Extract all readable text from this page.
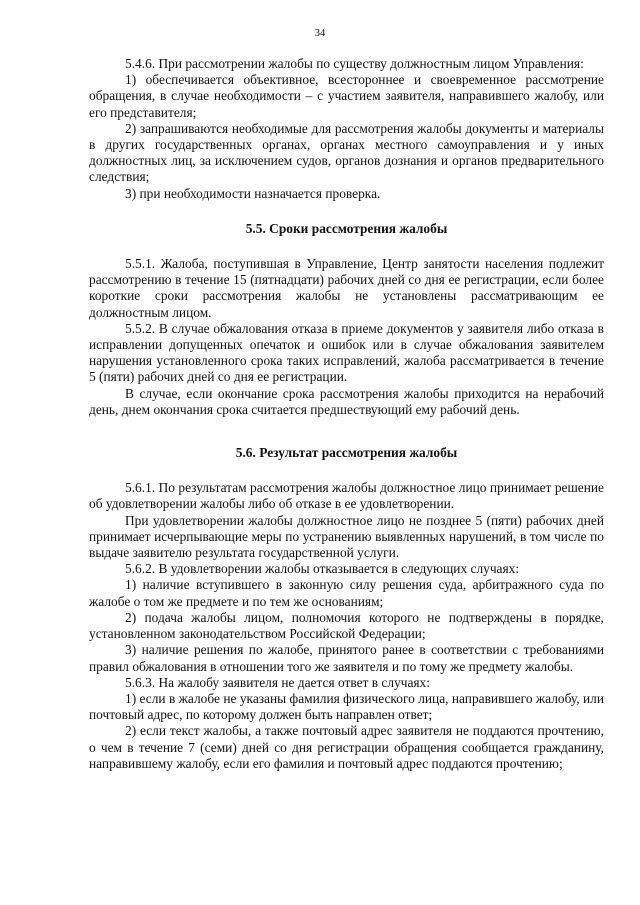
34

5.4.6. При рассмотрении жалобы по существу должностным лицом Управления:

1) обеспечивается объективное, всестороннее и своевременное рассмотрение обращения, в случае необходимости – с участием заявителя, направившего жалобу, или его представителя;

2) запрашиваются необходимые для рассмотрения жалобы документы и материалы в других государственных органах, органах местного самоуправления и у иных должностных лиц, за исключением судов, органов дознания и органов предварительного следствия;

3) при необходимости назначается проверка.

5.5. Сроки рассмотрения жалобы

5.5.1. Жалоба, поступившая в Управление, Центр занятости населения подлежит рассмотрению в течение 15 (пятнадцати) рабочих дней со дня ее регистрации, если более короткие сроки рассмотрения жалобы не установлены рассматривающим ее должностным лицом.

5.5.2. В случае обжалования отказа в приеме документов у заявителя либо отказа в исправлении допущенных опечаток и ошибок или в случае обжалования заявителем нарушения установленного срока таких исправлений, жалоба рассматривается в течение 5 (пяти) рабочих дней со дня ее регистрации.

В случае, если окончание срока рассмотрения жалобы приходится на нерабочий день, днем окончания срока считается предшествующий ему рабочий день.

5.6. Результат рассмотрения жалобы

5.6.1. По результатам рассмотрения жалобы должностное лицо принимает решение об удовлетворении жалобы либо об отказе в ее удовлетворении.

При удовлетворении жалобы должностное лицо не позднее 5 (пяти) рабочих дней принимает исчерпывающие меры по устранению выявленных нарушений, в том числе по выдаче заявителю результата государственной услуги.

5.6.2. В удовлетворении жалобы отказывается в следующих случаях:

1) наличие вступившего в законную силу решения суда, арбитражного суда по жалобе о том же предмете и по тем же основаниям;

2) подача жалобы лицом, полномочия которого не подтверждены в порядке, установленном законодательством Российской Федерации;

3) наличие решения по жалобе, принятого ранее в соответствии с требованиями правил обжалования в отношении того же заявителя и по тому же предмету жалобы.

5.6.3. На жалобу заявителя не дается ответ в случаях:

1) если в жалобе не указаны фамилия физического лица, направившего жалобу, или почтовый адрес, по которому должен быть направлен ответ;

2) если текст жалобы, а также почтовый адрес заявителя не поддаются прочтению, о чем в течение 7 (семи) дней со дня регистрации обращения сообщается гражданину, направившему жалобу, если его фамилия и почтовый адрес поддаются прочтению;
